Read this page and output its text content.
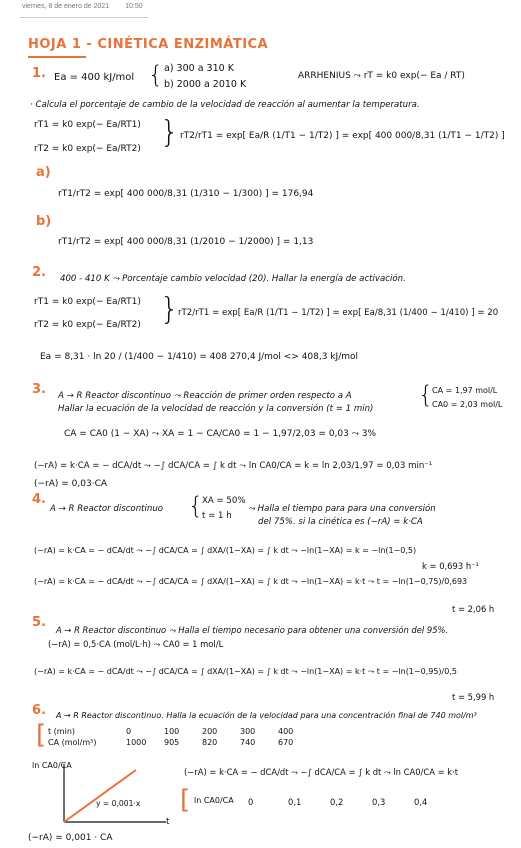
viernes, 8 de enero de 2021 10:50
HOJA 1 - CINÉTICA ENZIMÁTICA
1. Ea = 400 kJ/mol { a) 300 a 310 K
b) 2000 a 2010 K
ARRHENIUS ⤳ rT = k0 exp(− Ea / RT)
· Calcula el porcentaje de cambio de la velocidad de reacción al aumentar la temperatura.
rT1 = k0 exp(− Ea/RT1)
rT2 = k0 exp(− Ea/RT2) } rT2/rT1 = exp[ Ea/R (1/T1 − 1/T2) ] = exp[ 400 000/8,31 (1/T1 − 1/T2) ]
a)
rT1/rT2 = exp[ 400 000/8,31 (1/310 − 1/300) ] = 176,94
b)
rT1/rT2 = exp[ 400 000/8,31 (1/2010 − 1/2000) ] = 1,13
2. 400 - 410 K ⤳ Porcentaje cambio velocidad (20). Hallar la energía de activación.
rT1 = k0 exp(− Ea/RT1)
rT2 = k0 exp(− Ea/RT2) }
rT2/rT1 = exp[ Ea/R (1/T1 − 1/T2) ] = exp[ Ea/8,31 (1/400 − 1/410) ] = 20
Ea = 8,31 · ln 20 / (1/400 − 1/410) = 408 270,4 J/mol <> 408,3 kJ/mol
3. A → R Reactor discontinuo ⤳ Reacción de primer orden respecto a A	{
CA = 1,97 mol/L
CA0 = 2,03 mol/L
Hallar la ecuación de la velocidad de reacción y la conversión (t = 1 min)
CA = CA0 (1 − XA) ⤳ XA = 1 − CA/CA0 = 1 − 1,97/2,03 = 0,03 ⤳ 3%
(−rA) = k·CA = − dCA/dt ⤳ −∫ dCA/CA = ∫ k dt ⤳ ln CA0/CA = k = ln 2,03/1,97 = 0,03 min⁻¹
(−rA) = 0,03·CA
4.
A → R Reactor discontinuo {
XA = 50%
t = 1 h
⤳ Halla el tiempo para para una conversión
del 75%. si la cinética es (−rA) = k·CA
(−rA) = k·CA = − dCA/dt ⤳ −∫ dCA/CA = ∫ dXA/(1−XA) = ∫ k dt ⤳ −ln(1−XA) = k = −ln(1−0,5)
k = 0,693 h⁻¹
(−rA) = k·CA = − dCA/dt ⤳ −∫ dCA/CA = ∫ dXA/(1−XA) = ∫ k dt ⤳ −ln(1−XA) = k·t ⤳ t = −ln(1−0,75)/0,693
t = 2,06 h
5. A → R Reactor discontinuo ⤳ Halla el tiempo necesario para obtener una conversión del 95%.
(−rA) = 0,5·CA (mol/L·h) ⤳ CA0 = 1 mol/L
(−rA) = k·CA = − dCA/dt ⤳ −∫ dCA/CA = ∫ dXA/(1−XA) = ∫ k dt ⤳ −ln(1−XA) = k·t ⤳ t = −ln(1−0,95)/0,5
t = 5,99 h
6. A → R Reactor discontinuo. Halla la ecuación de la velocidad para una concentración final de 740 mol/m³
[ t (min)	0	100	200	300	400
CA (mol/m³)	1000	905	820	740	670
ln CA0/CA
t
y = 0,001·x
(−rA) = k·CA = − dCA/dt ⤳ −∫ dCA/CA = ∫ k dt ⤳ ln CA0/CA = k·t
[ ln CA0/CA 0	0,1	0,2	0,3	0,4
(−rA) = 0,001 · CA
